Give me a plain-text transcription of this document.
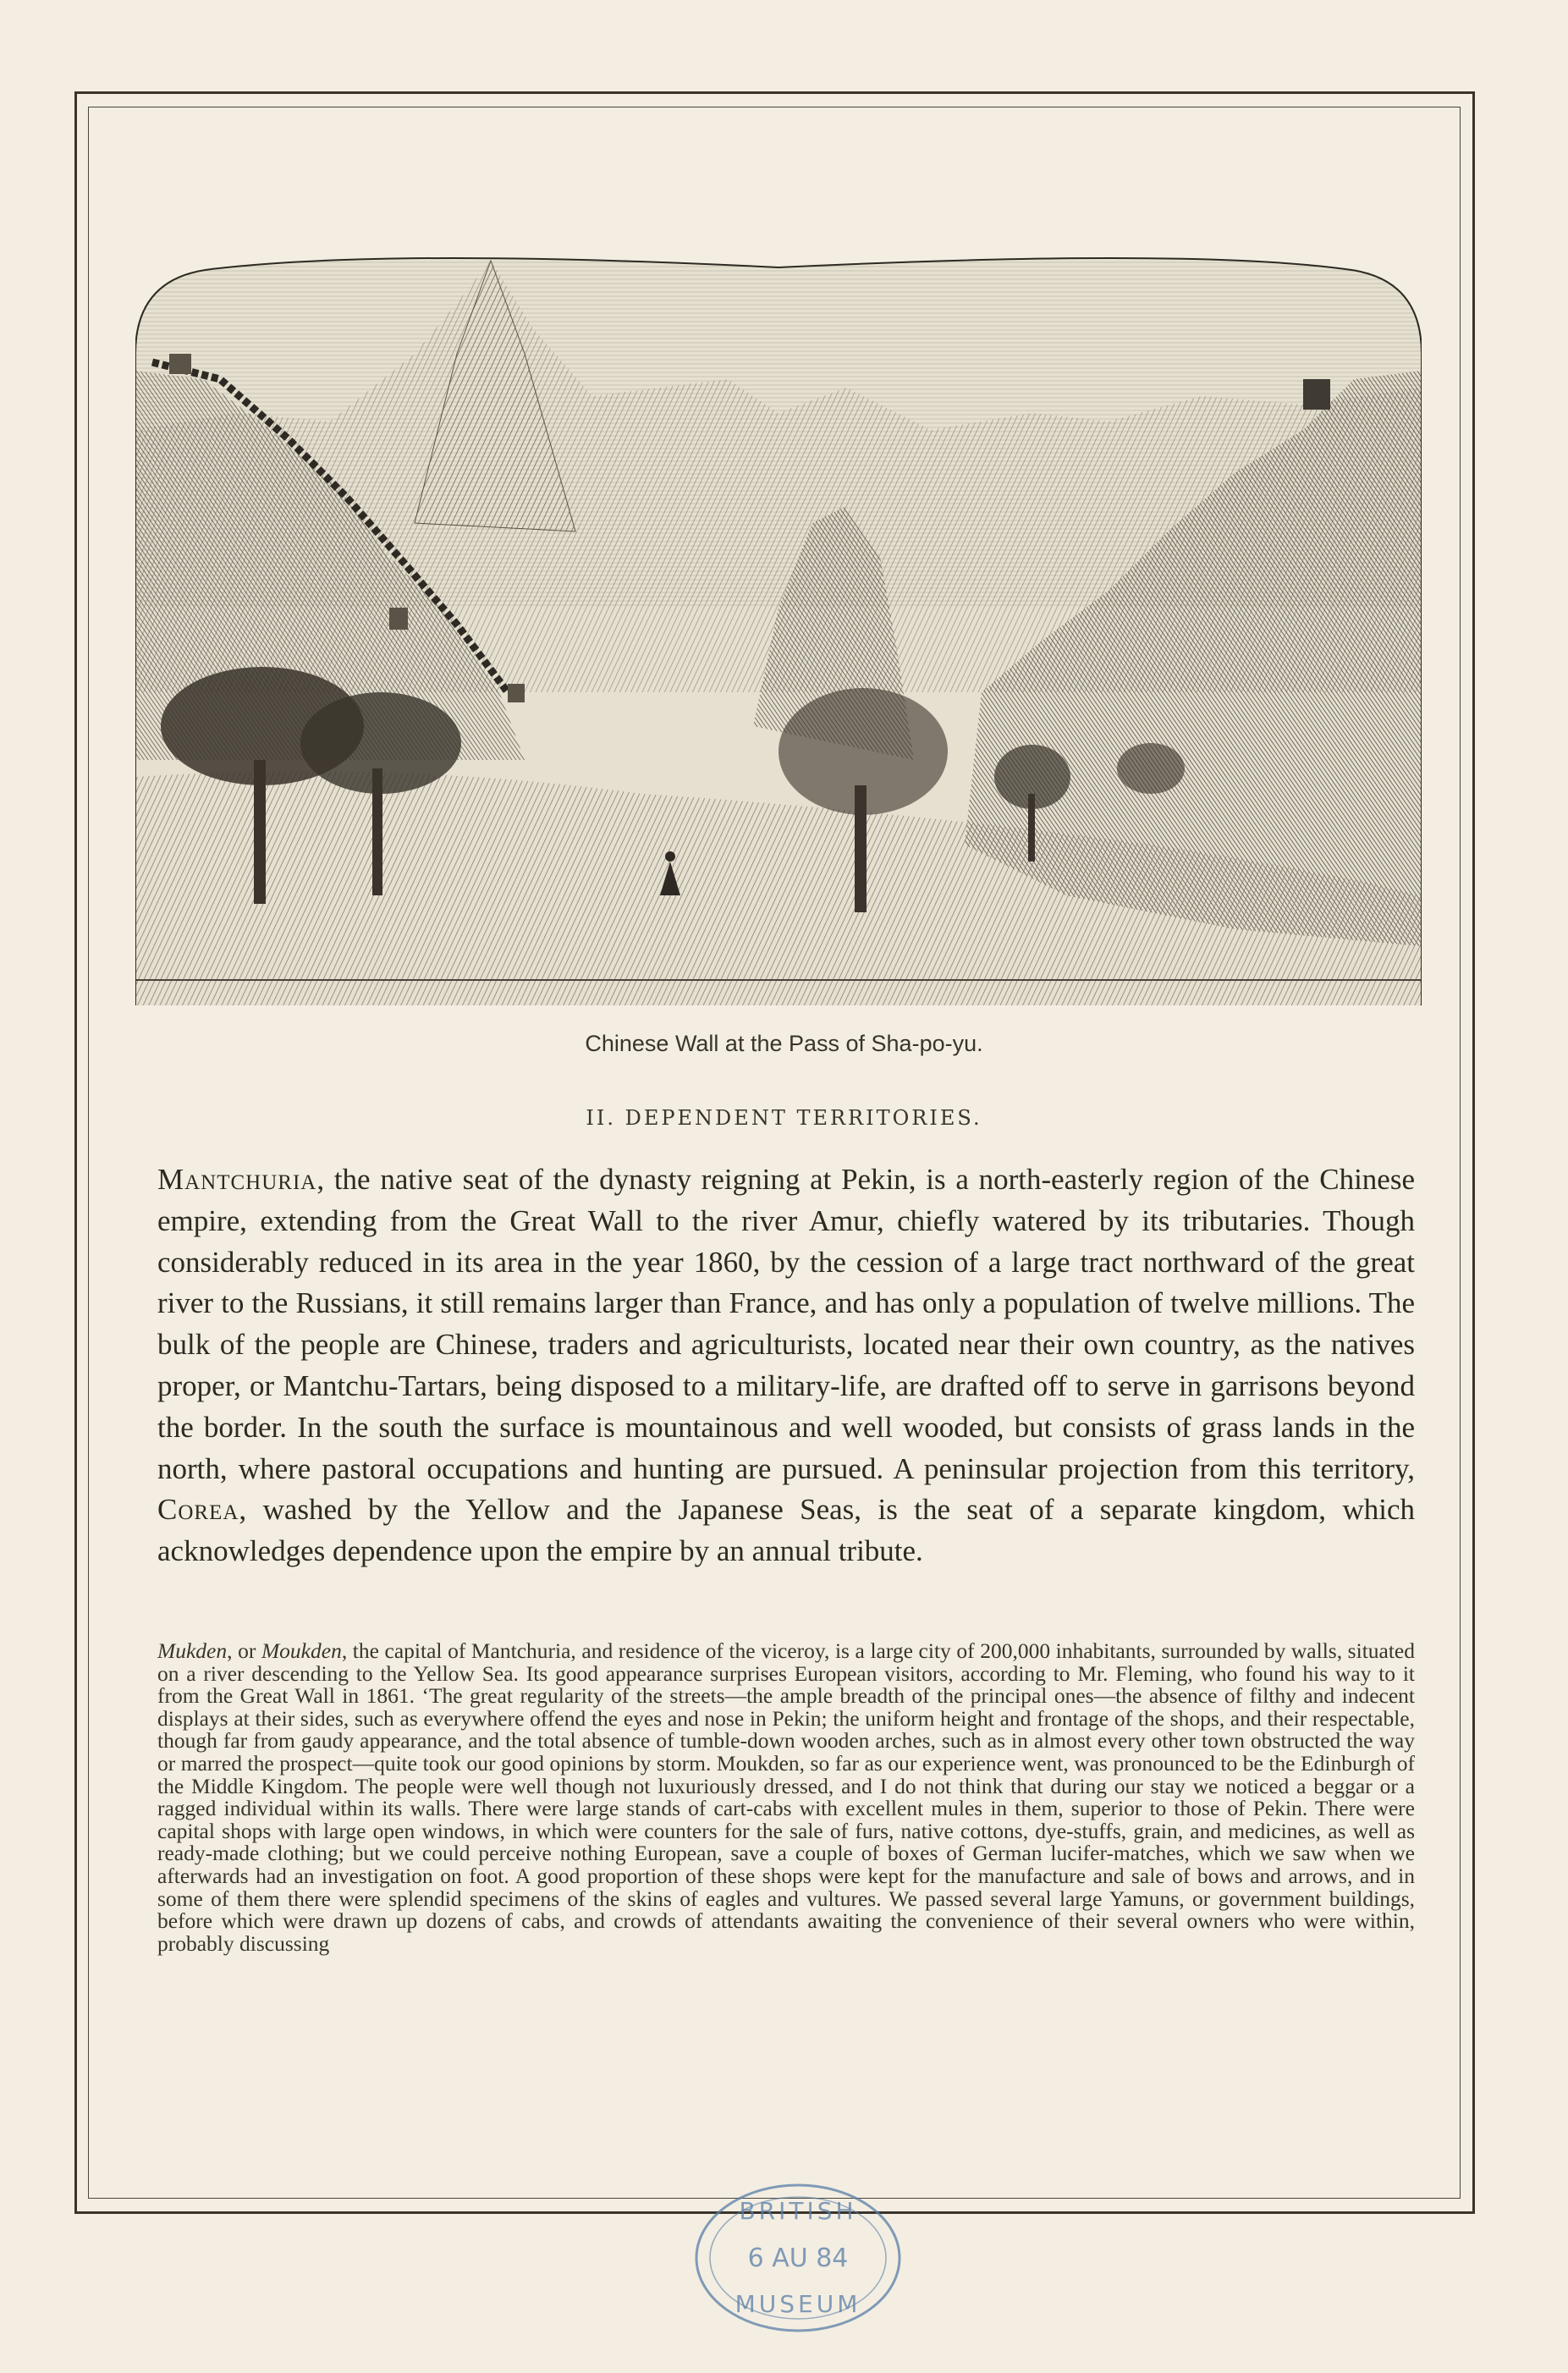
Chinese Wall at the Pass of Sha-po-yu.
II. DEPENDENT TERRITORIES.
Mantchuria, the native seat of the dynasty reigning at Pekin, is a north-easterly region of the Chinese empire, extending from the Great Wall to the river Amur, chiefly watered by its tributaries. Though considerably reduced in its area in the year 1860, by the cession of a large tract northward of the great river to the Russians, it still remains larger than France, and has only a population of twelve millions. The bulk of the people are Chinese, traders and agriculturists, located near their own country, as the natives proper, or Mantchu-Tartars, being disposed to a military-life, are drafted off to serve in garrisons beyond the border. In the south the surface is mountainous and well wooded, but consists of grass lands in the north, where pastoral occupations and hunting are pursued. A peninsular projection from this territory, Corea, washed by the Yellow and the Japanese Seas, is the seat of a separate kingdom, which acknowledges dependence upon the empire by an annual tribute.
Mukden, or Moukden, the capital of Mantchuria, and residence of the viceroy, is a large city of 200,000 inhabitants, surrounded by walls, situated on a river descending to the Yellow Sea. Its good appearance surprises European visitors, according to Mr. Fleming, who found his way to it from the Great Wall in 1861. ‘The great regularity of the streets—the ample breadth of the principal ones—the absence of filthy and indecent displays at their sides, such as everywhere offend the eyes and nose in Pekin; the uniform height and frontage of the shops, and their respectable, though far from gaudy appearance, and the total absence of tumble-down wooden arches, such as in almost every other town obstructed the way or marred the prospect—quite took our good opinions by storm. Moukden, so far as our experience went, was pronounced to be the Edinburgh of the Middle Kingdom. The people were well though not luxuriously dressed, and I do not think that during our stay we noticed a beggar or a ragged individual within its walls. There were large stands of cart-cabs with excellent mules in them, superior to those of Pekin. There were capital shops with large open windows, in which were counters for the sale of furs, native cottons, dye-stuffs, grain, and medicines, as well as ready-made clothing; but we could perceive nothing European, save a couple of boxes of German lucifer-matches, which we saw when we afterwards had an investigation on foot. A good proportion of these shops were kept for the manufacture and sale of bows and arrows, and in some of them there were splendid specimens of the skins of eagles and vultures. We passed several large Yamuns, or government buildings, before which were drawn up dozens of cabs, and crowds of attendants awaiting the convenience of their several owners who were within, probably discussing
BRITISH
6 AU 84
MUSEUM
